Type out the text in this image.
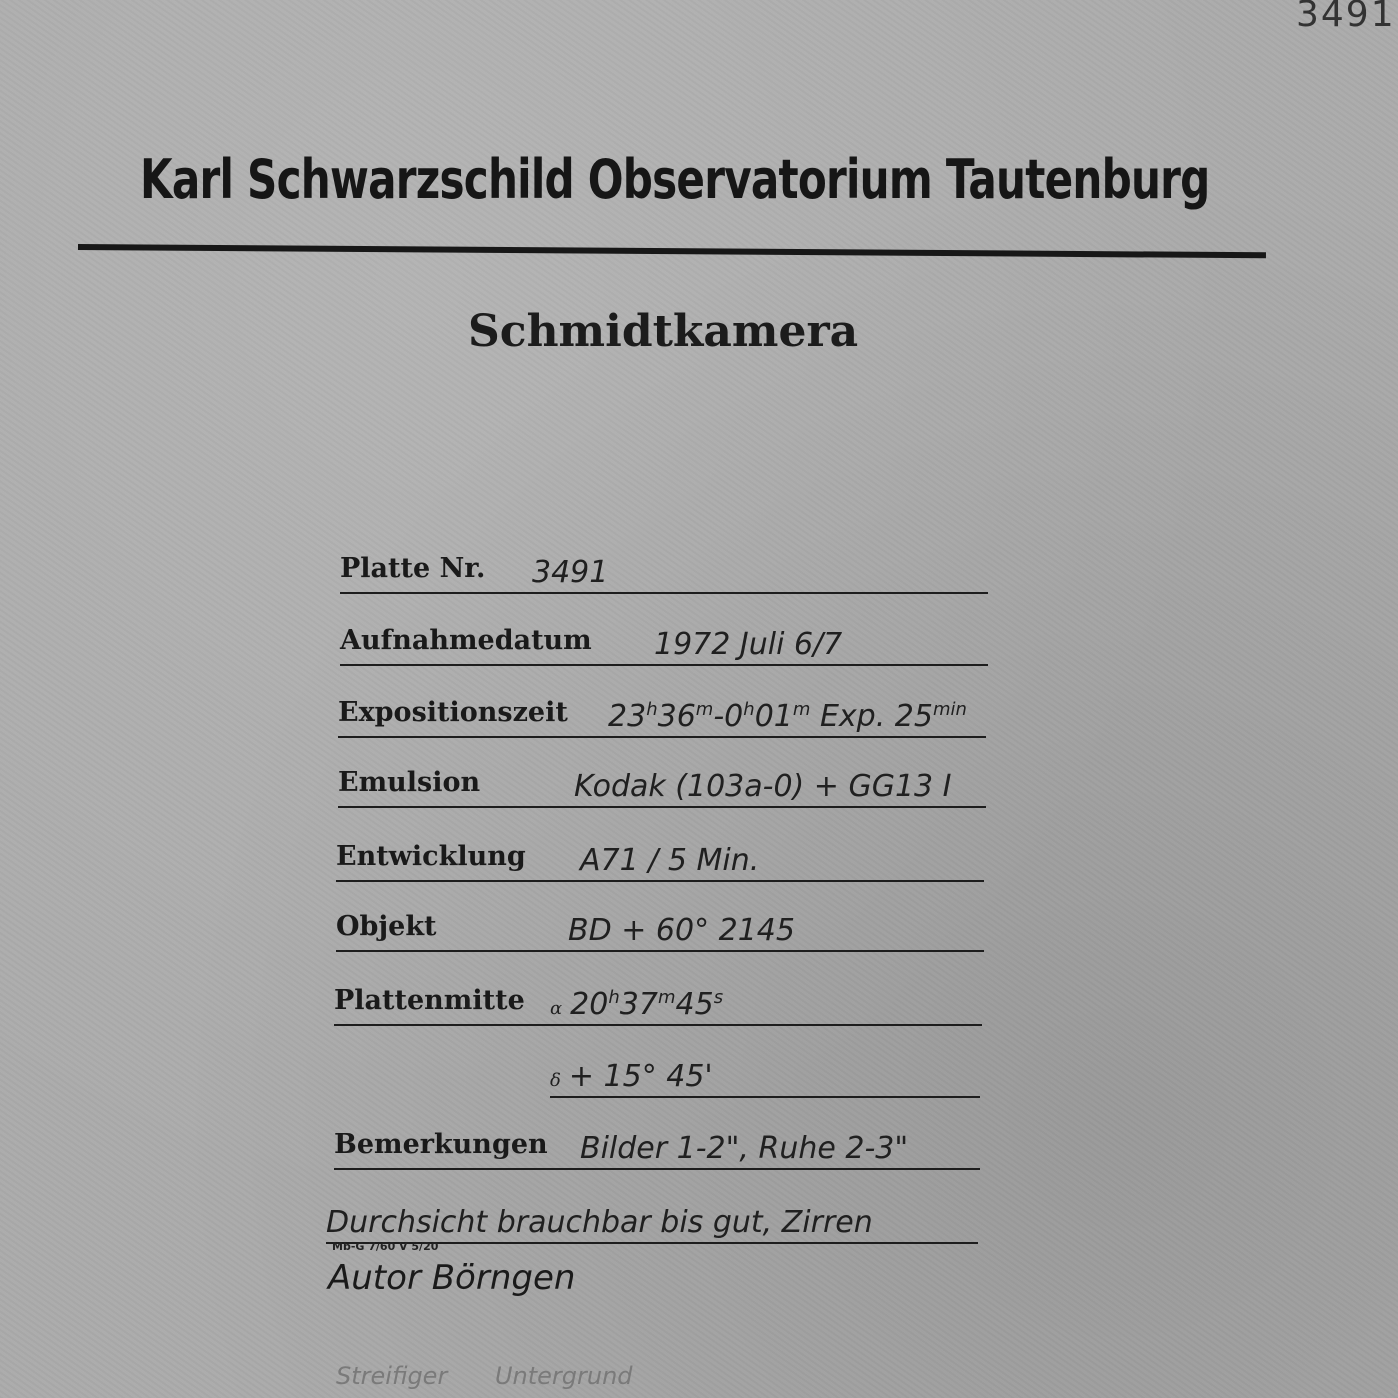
3491
Karl Schwarzschild Observatorium Tautenburg
Schmidtkamera
Platte Nr. 3491
Aufnahmedatum 1972 Juli 6/7
Expositionszeit 23$^h$36$^m$-0$^h$01$^m$ Exp. $25^{min}$
Emulsion	Kodak (103a-0) + GG13 I
Entwicklung A71 / 5 Min.
Objekt	BD + 60° 2145
Plattenmitte α 20$^h$37$^m$45$^s$
δ + 15° 45'
Bemerkungen Bilder 1-2", Ruhe 2-3"
Durchsicht brauchbar bis gut, Zirren
Mb-G 7/60 V 5/20
Autor Börngen
Streifiger Untergrund
